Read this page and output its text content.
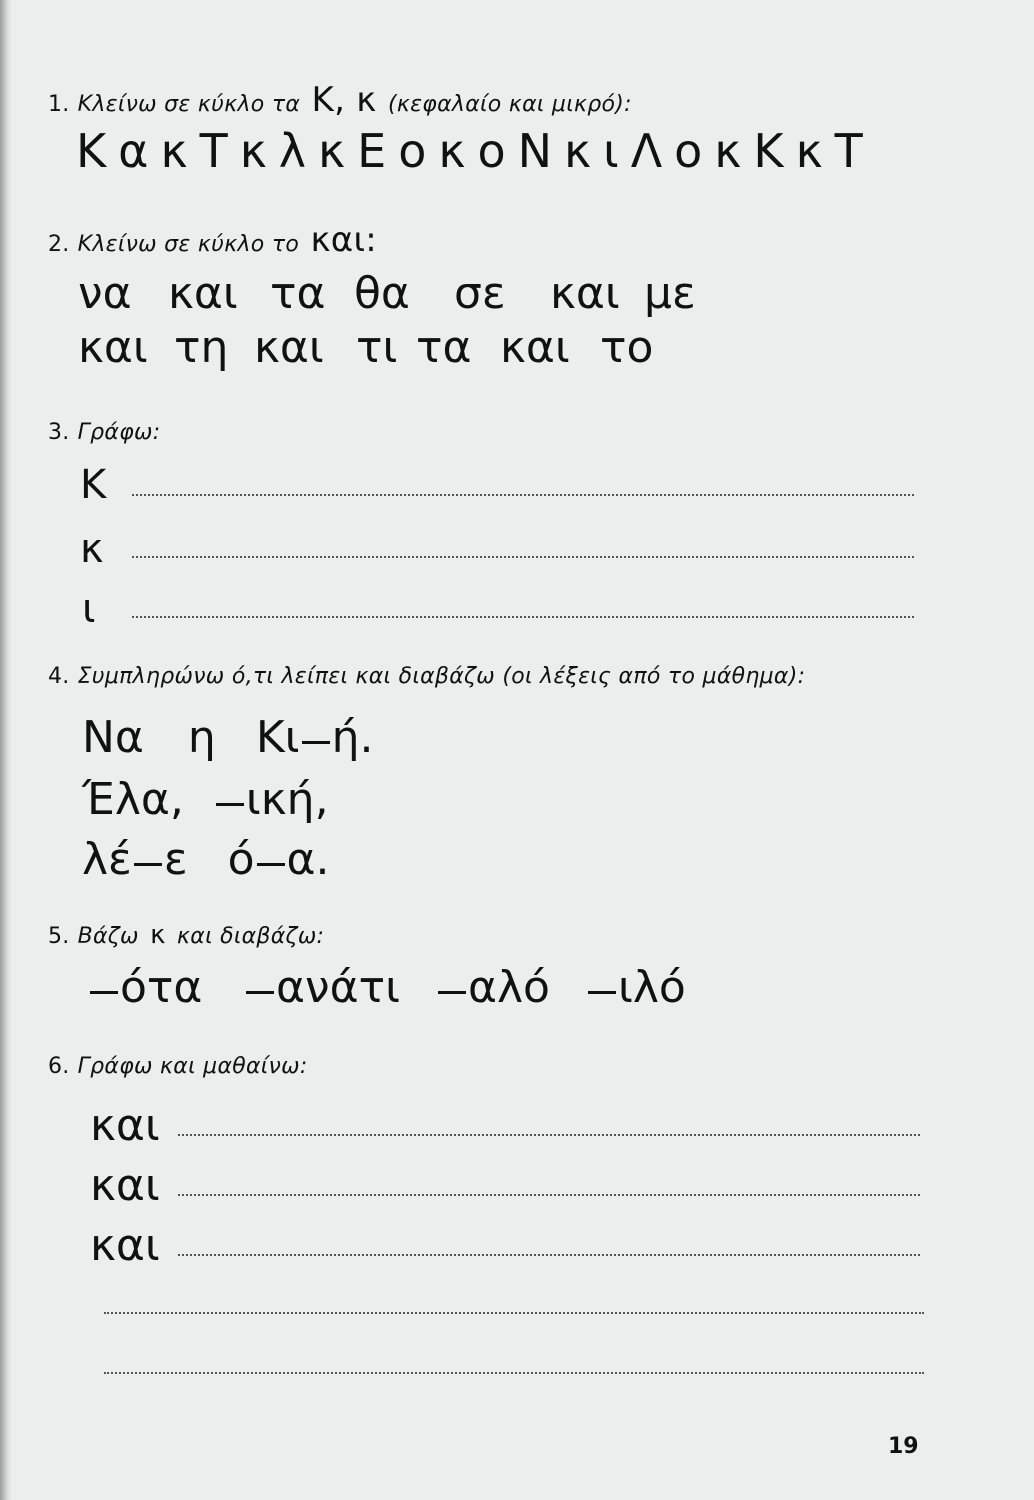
1. Κλείνω σε κύκλο τα Κ, κ (κεφαλαίο και μικρό):
ΚακΤκλκΕοκοΝκιΛοκΚκΤ
2. Κλείνω σε κύκλο το και:
να και τα θα σε και με
και τη και τι τα και το
3. Γράφω:
Κ
κ
ι
4. Συμπληρώνω ό,τι λείπει και διαβάζω (οι λέξεις από το μάθημα):
Να η Κι ή.
Έλα, ική,
λέ ε ό α.
5. Βάζω κ και διαβάζω:
ότα ανάτι αλό ιλό
6. Γράφω και μαθαίνω:
και
και
και
19
